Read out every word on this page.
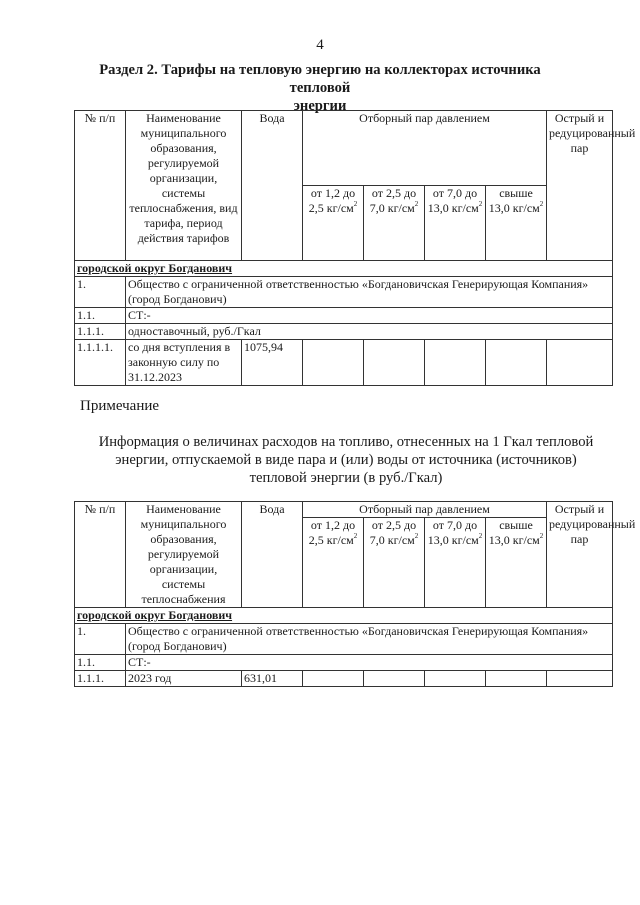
4
Раздел 2. Тарифы на тепловую энергию на коллекторах источника тепловой
энергии
№ п/п	Наименование муниципального образования, регулируемой организации, системы теплоснабжения, вид тарифа, период действия тарифов	Вода	Отборный пар давлением				Острый и редуцированный пар
			от 1,2 до 2,5 $кг/см^2$	от 2,5 до 7,0 $кг/см^2$	от 7,0 до 13,0 $кг/см^2$	свыше 13,0 $кг/см^2$
городской округ Богданович							
1.	Общество с ограниченной ответственностью «Богдановичская Генерирующая Компания» (город Богданович)						
1.1.	СТ:-						
1.1.1.	одноставочный, руб./Гкал						
1.1.1.1.	со дня вступления в законную силу по 31.12.2023	1075,94					
Примечание
Информация о величинах расходов на топливо, отнесенных на 1 Гкал тепловой
энергии, отпускаемой в виде пара и (или) воды от источника (источников)
тепловой энергии (в руб./Гкал)
№ п/п	Наименование муниципального образования, регулируемой организации, системы теплоснабжения	Вода	Отборный пар давлением				Острый и редуцированный пар
			от 1,2 до 2,5 $кг/см^2$	от 2,5 до 7,0 $кг/см^2$	от 7,0 до 13,0 $кг/см^2$	свыше 13,0 $кг/см^2$
городской округ Богданович							
1.	Общество с ограниченной ответственностью «Богдановичская Генерирующая Компания» (город Богданович)						
1.1.	СТ:-						
1.1.1.	2023 год	631,01					
